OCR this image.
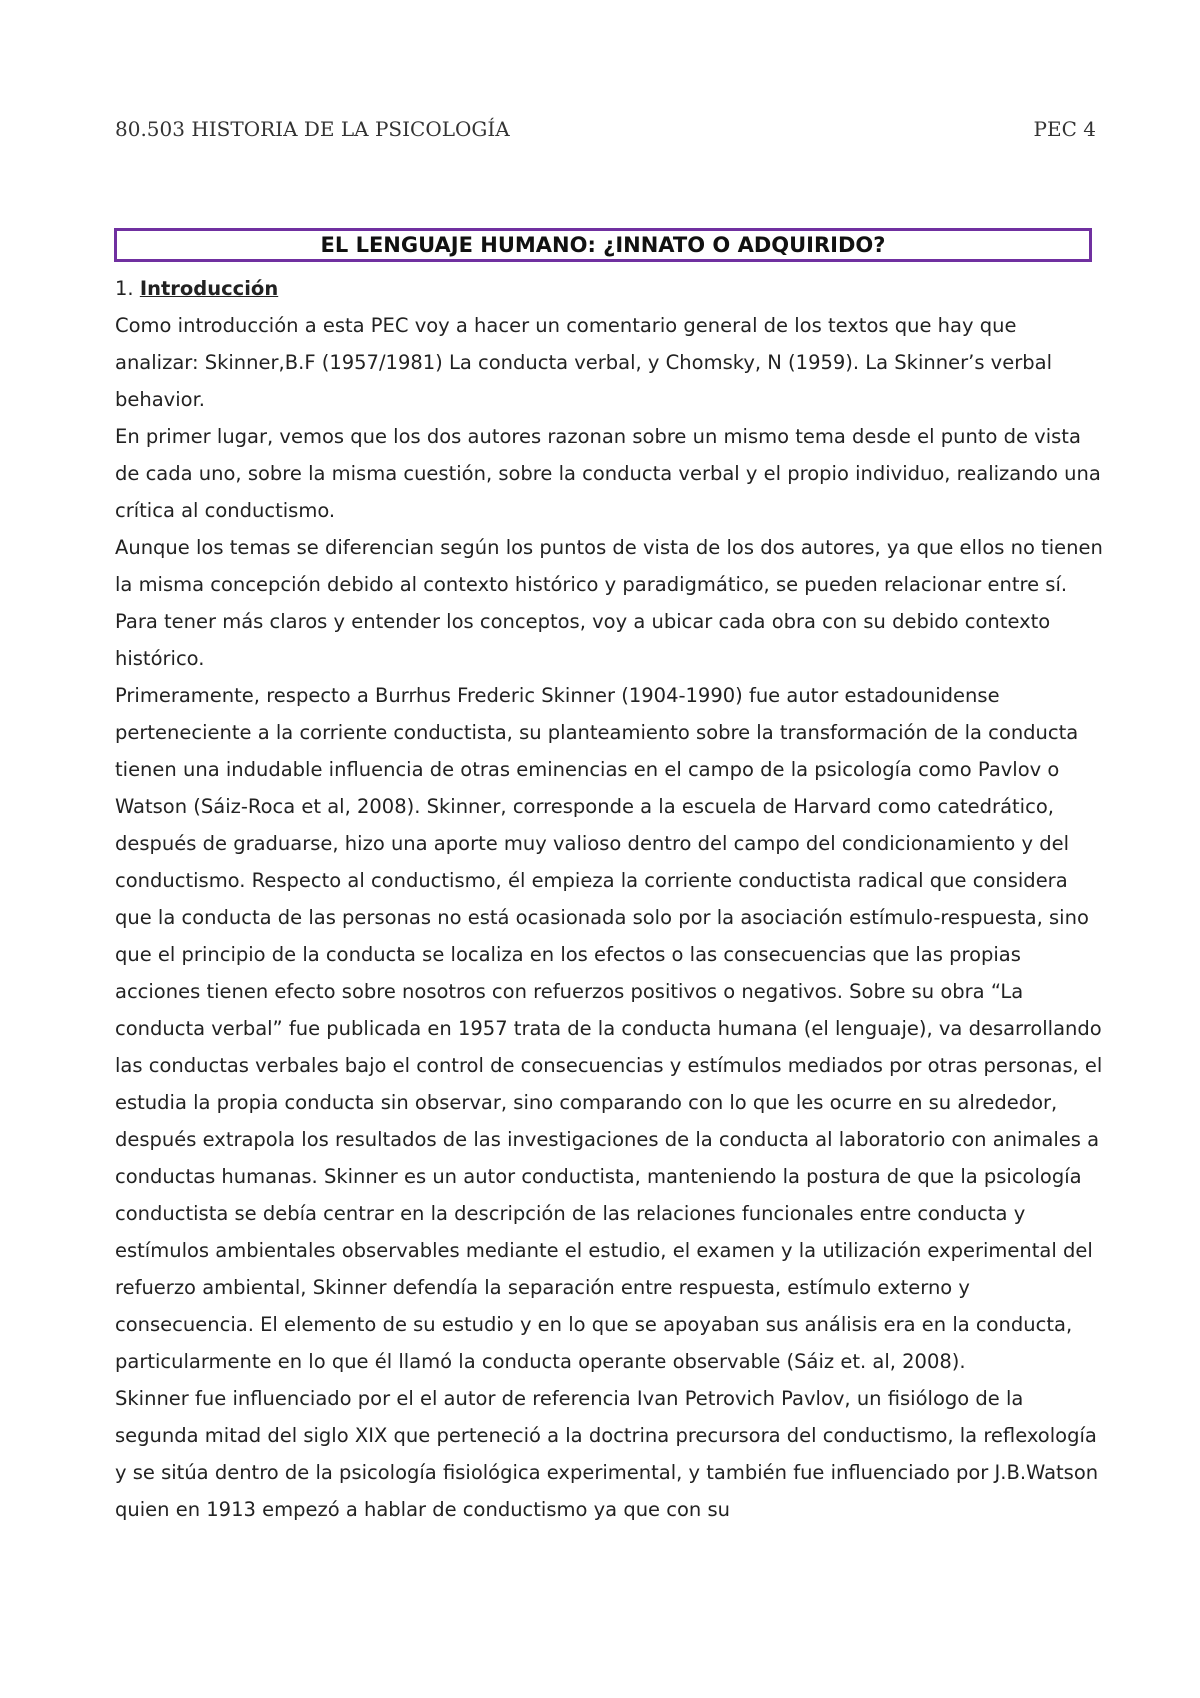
80.503 HISTORIA DE LA PSICOLOGÍA	PEC 4
EL LENGUAJE HUMANO: ¿INNATO O ADQUIRIDO?

1. Introducción

Como introducción a esta PEC voy a hacer un comentario general de los textos que hay que analizar: Skinner,B.F (1957/1981) La conducta verbal, y Chomsky, N (1959). La Skinner’s verbal behavior.

En primer lugar, vemos que los dos autores razonan sobre un mismo tema desde el punto de vista de cada uno, sobre la misma cuestión, sobre la conducta verbal y el propio individuo, realizando una crítica al conductismo.

Aunque los temas se diferencian según los puntos de vista de los dos autores, ya que ellos no tienen la misma concepción debido al contexto histórico y paradigmático, se pueden relacionar entre sí. Para tener más claros y entender los conceptos, voy a ubicar cada obra con su debido contexto histórico.

Primeramente, respecto a Burrhus Frederic Skinner (1904-1990) fue autor estadounidense perteneciente a la corriente conductista, su planteamiento sobre la transformación de la conducta tienen una indudable influencia de otras eminencias en el campo de la psicología como Pavlov o Watson (Sáiz-Roca et al, 2008). Skinner, corresponde a la escuela de Harvard como catedrático, después de graduarse, hizo una aporte muy valioso dentro del campo del condicionamiento y del conductismo. Respecto al conductismo, él empieza la corriente conductista radical que considera que la conducta de las personas no está ocasionada solo por la asociación estímulo-respuesta, sino que el principio de la conducta se localiza en los efectos o las consecuencias que las propias acciones tienen efecto sobre nosotros con refuerzos positivos o negativos. Sobre su obra “La conducta verbal” fue publicada en 1957 trata de la conducta humana (el lenguaje), va desarrollando las conductas verbales bajo el control de consecuencias y estímulos mediados por otras personas, el estudia la propia conducta sin observar, sino comparando con lo que les ocurre en su alrededor, después extrapola los resultados de las investigaciones de la conducta al laboratorio con animales a conductas humanas. Skinner es un autor conductista, manteniendo la postura de que la psicología conductista se debía centrar en la descripción de las relaciones funcionales entre conducta y estímulos ambientales observables mediante el estudio, el examen y la utilización experimental del refuerzo ambiental, Skinner defendía la separación entre respuesta, estímulo externo y consecuencia. El elemento de su estudio y en lo que se apoyaban sus análisis era en la conducta, particularmente en lo que él llamó la conducta operante observable (Sáiz et. al, 2008).

Skinner fue influenciado por el el autor de referencia Ivan Petrovich Pavlov, un fisiólogo de la segunda mitad del siglo XIX que perteneció a la doctrina precursora del conductismo, la reflexología y se sitúa dentro de la psicología fisiológica experimental, y también fue influenciado por J.B.Watson quien en 1913 empezó a hablar de conductismo ya que con su
